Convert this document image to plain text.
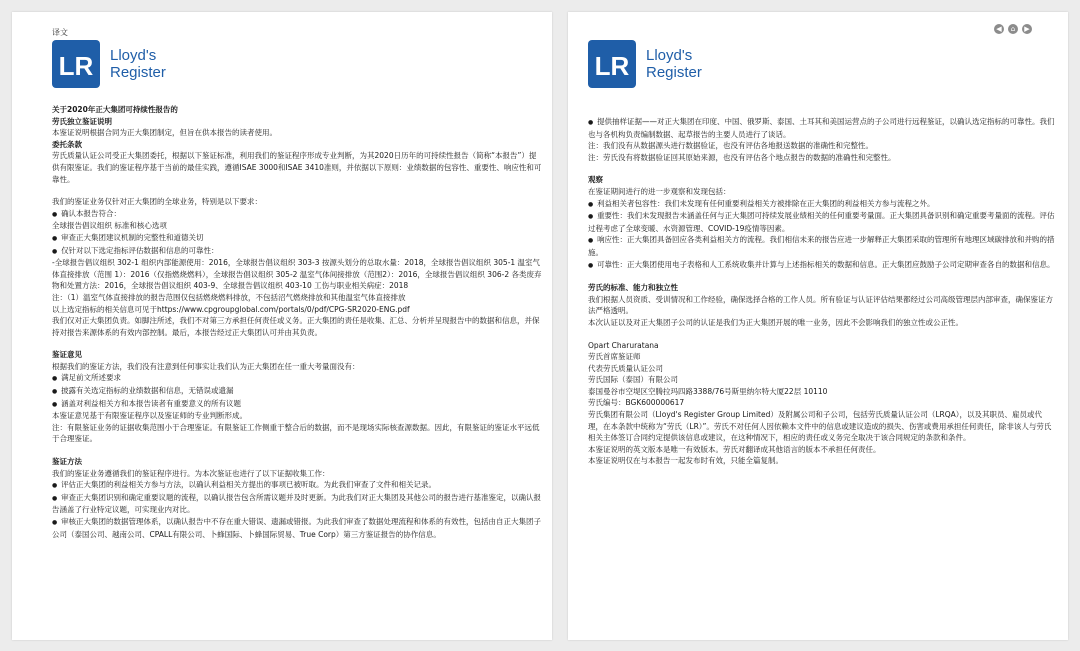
译文
LR Lloyd's
Register

关于2020年正大集团可持续性报告的

劳氏独立鉴证说明

本鉴证说明根据合同为正大集团制定，但旨在供本报告的读者使用。

委托条款

劳氏质量认证公司受正大集团委托，根据以下鉴证标准，利用我们的鉴证程序形成专业判断，为其2020日历年的可持续性报告（简称“本报告”）提供有限鉴证。我们的鉴证程序基于当前的最佳实践，遵循ISAE 3000和ISAE 3410准则，并依据以下原则：业绩数据的包容性、重要性、响应性和可靠性。

我们的鉴证业务仅针对正大集团的全球业务，特别是以下要求：

●  确认本报告符合：

全球报告倡议组织 标准和核心选项

●  审查正大集团建议机制的完整性和道德关切

●  仅针对以下选定指标评估数据和信息的可靠性：

-全球报告倡议组织 302-1 组织内部能源使用：2016，全球报告倡议组织 303-3 按源头划分的总取水量：2018，全球报告倡议组织 305-1 温室气体直接排放（范围 1）：2016（仅指燃烧燃料），全球报告倡议组织 305-2 温室气体间接排放（范围2）：2016，全球报告倡议组织 306-2 各类废弃物和处置方法：2016，全球报告倡议组织 403-9、全球报告倡议组织 403-10 工伤与职业相关病症：2018

注：（1）温室气体直接排放的报告范围仅包括燃烧燃料排放，不包括沼气燃烧排放和其他温室气体直接排放

以上选定指标的相关信息可见于https://www.cpgroupglobal.com/portals/0/pdf/CPG-SR2020-ENG.pdf

我们仅对正大集团负责。如脚注所述，我们不对第三方承担任何责任或义务。正大集团的责任是收集、汇总、分析并呈现报告中的数据和信息，并保持对报告来源体系的有效内部控制。最后，本报告经过正大集团认可并由其负责。

鉴证意见

根据我们的鉴证方法，我们没有注意到任何事实让我们认为正大集团在任一重大考量面没有：

●  满足前文所述要求

●  披露有关选定指标的业绩数据和信息，无错误或遗漏

●  涵盖对利益相关方和本报告读者有重要意义的所有议题

本鉴证意见基于有限鉴证程序以及鉴证师的专业判断形成。

注：有限鉴证业务的证据收集范围小于合理鉴证。有限鉴证工作侧重于整合后的数据，而不是现场实际核查源数据。因此，有限鉴证的鉴证水平远低于合理鉴证。

鉴证方法

我们的鉴证业务遵循我们的鉴证程序进行。为本次鉴证也进行了以下证据收集工作：

●  评估正大集团的利益相关方参与方法，以确认利益相关方提出的事项已被听取。为此我们审查了文件和相关记录。

●  审查正大集团识别和确定重要议题的流程，以确认报告包含所需议题并及时更新。为此我们对正大集团及其他公司的报告进行基准鉴定，以确认报告涵盖了行业特定议题，可实现业内对比。

●  审核正大集团的数据管理体系，以确认报告中不存在重大错误、遗漏或错报。为此我们审查了数据处理流程和体系的有效性，包括由自正大集团子公司（泰国公司、越南公司、CPALL有限公司、卜蜂国际、卜蜂国际贸易、True Corp）第三方鉴证报告的协作信息。

◀	⌂	▶
LR Lloyd's
Register

●  提供抽样证据——对正大集团在印度、中国、俄罗斯、泰国、土耳其和美国运营点的子公司进行远程鉴证，以确认选定指标的可靠性。我们也与各机构负责编制数据、起草报告的主要人员进行了谈话。

注：我们没有从数据源头进行数据验证，也没有评估各地报送数据的准确性和完整性。

注：劳氏没有将数据验证回其原始来源，也没有评估各个地点报告的数据的准确性和完整性。

观察

在鉴证期间进行的进一步观察和发现包括：

●  利益相关者包容性：我们未发现有任何重要利益相关方被排除在正大集团的利益相关方参与流程之外。

●  重要性：我们未发现报告未涵盖任何与正大集团可持续发展业绩相关的任何重要考量面。正大集团具备识别和确定重要考量面的流程。评估过程考虑了全球变暖、水资源管理、COVID-19疫情等因素。

●  响应性：正大集团具备回应各类利益相关方的流程。我们相信未来的报告应进一步解释正大集团采取的管理所有地理区域碳排放和并购的措施。

●  可靠性：正大集团使用电子表格和人工系统收集并计算与上述指标相关的数据和信息。正大集团应鼓励子公司定期审查各自的数据和信息。

劳氏的标准、能力和独立性

我们根据人员资质、受训情况和工作经验，确保选择合格的工作人员。所有验证与认证评估结果都经过公司高级管理层内部审查，确保鉴证方法严格透明。

本次认证以及对正大集团子公司的认证是我们为正大集团开展的唯一业务，因此不会影响我们的独立性或公正性。

Opart Charuratana

劳氏首席鉴证师

代表劳氏质量认证公司

劳氏国际（泰国）有限公司

泰国曼谷市空堤区空腾拉玛四路3388/76号斯里纳尔特大厦22层 10110

劳氏编号：BGK600000617

劳氏集团有限公司（Lloyd's Register Group Limited）及附属公司和子公司，包括劳氏质量认证公司（LRQA），以及其职员、雇员或代理，在本条款中统称为“劳氏（LR）”。劳氏不对任何人因依赖本文件中的信息或建议造成的损失、伤害或费用承担任何责任，除非该人与劳氏相关主体签订合同约定提供该信息或建议，在这种情况下，相应的责任或义务完全取决于该合同规定的条款和条件。

本鉴证说明的英文版本是唯一有效版本。劳氏对翻译成其他语言的版本不承担任何责任。

本鉴证说明仅在与本报告一起发布时有效，只能全篇复制。
